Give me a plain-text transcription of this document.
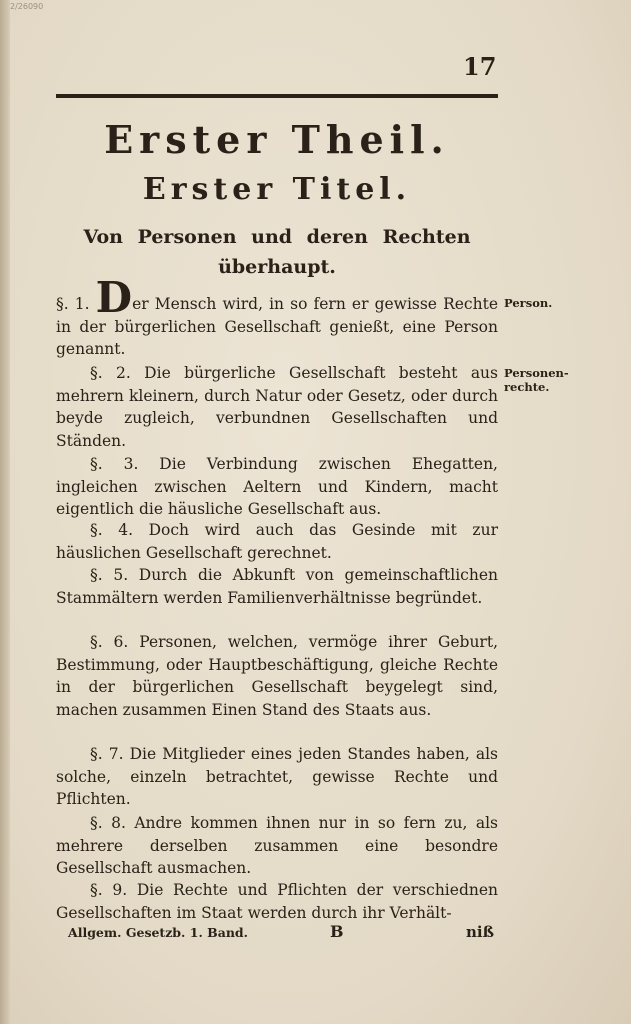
2/26090
17
Erster Theil.
Erster Titel.
Von Personen und deren Rechten
überhaupt.

§. 1. Der Mensch wird, in so fern er gewisse Rechte in der bürgerlichen Gesellschaft genießt, eine Person genannt.

§. 2. Die bürgerliche Gesellschaft besteht aus mehrern kleinern, durch Natur oder Gesetz, oder durch beyde zugleich, verbundnen Gesellschaften und Ständen.

§. 3. Die Verbindung zwischen Ehegatten, ingleichen zwischen Aeltern und Kindern, macht eigentlich die häusliche Gesellschaft aus.

§. 4. Doch wird auch das Gesinde mit zur häuslichen Gesellschaft gerechnet.

§. 5. Durch die Abkunft von gemeinschaftlichen Stammältern werden Familienverhältnisse begründet.

§. 6. Personen, welchen, vermöge ihrer Geburt, Bestimmung, oder Hauptbeschäftigung, gleiche Rechte in der bürgerlichen Gesellschaft beygelegt sind, machen zusammen Einen Stand des Staats aus.

§. 7. Die Mitglieder eines jeden Standes haben, als solche, einzeln betrachtet, gewisse Rechte und Pflichten.

§. 8. Andre kommen ihnen nur in so fern zu, als mehrere derselben zusammen eine besondre Gesellschaft ausmachen.

§. 9. Die Rechte und Pflichten der verschiednen Gesellschaften im Staat werden durch ihr Verhält-

Person.
Personen-rechte.
Allgem. Gesetzb. 1. Band.	B	niß
